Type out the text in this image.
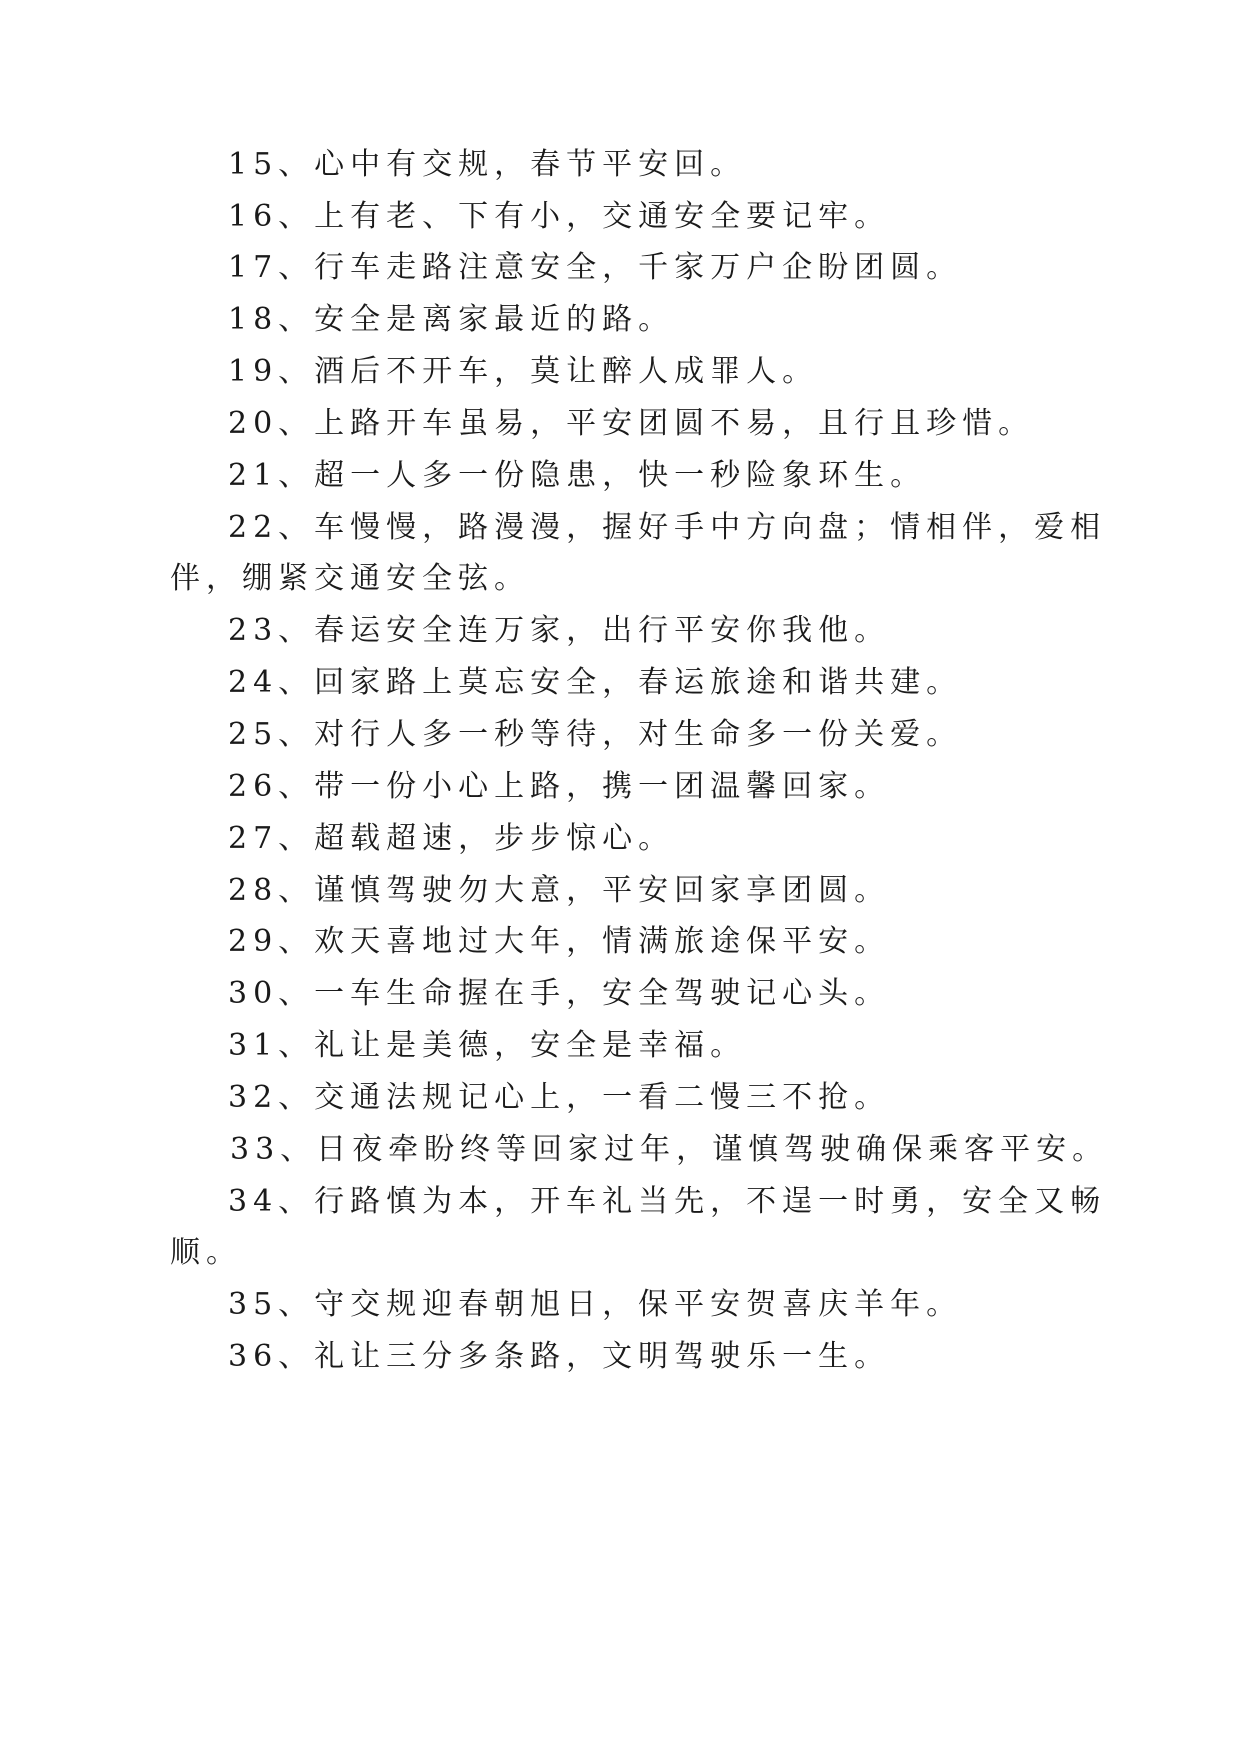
15、心中有交规，春节平安回。
16、上有老、下有小，交通安全要记牢。
17、行车走路注意安全，千家万户企盼团圆。
18、安全是离家最近的路。
19、酒后不开车，莫让醉人成罪人。
20、上路开车虽易，平安团圆不易，且行且珍惜。
21、超一人多一份隐患，快一秒险象环生。
22、车慢慢，路漫漫，握好手中方向盘；情相伴，爱相
伴，绷紧交通安全弦。
23、春运安全连万家，出行平安你我他。
24、回家路上莫忘安全，春运旅途和谐共建。
25、对行人多一秒等待，对生命多一份关爱。
26、带一份小心上路，携一团温馨回家。
27、超载超速，步步惊心。
28、谨慎驾驶勿大意，平安回家享团圆。
29、欢天喜地过大年，情满旅途保平安。
30、一车生命握在手，安全驾驶记心头。
31、礼让是美德，安全是幸福。
32、交通法规记心上，一看二慢三不抢。
33、日夜牵盼终等回家过年，谨慎驾驶确保乘客平安。
34、行路慎为本，开车礼当先，不逞一时勇，安全又畅
顺。
35、守交规迎春朝旭日，保平安贺喜庆羊年。
36、礼让三分多条路，文明驾驶乐一生。
